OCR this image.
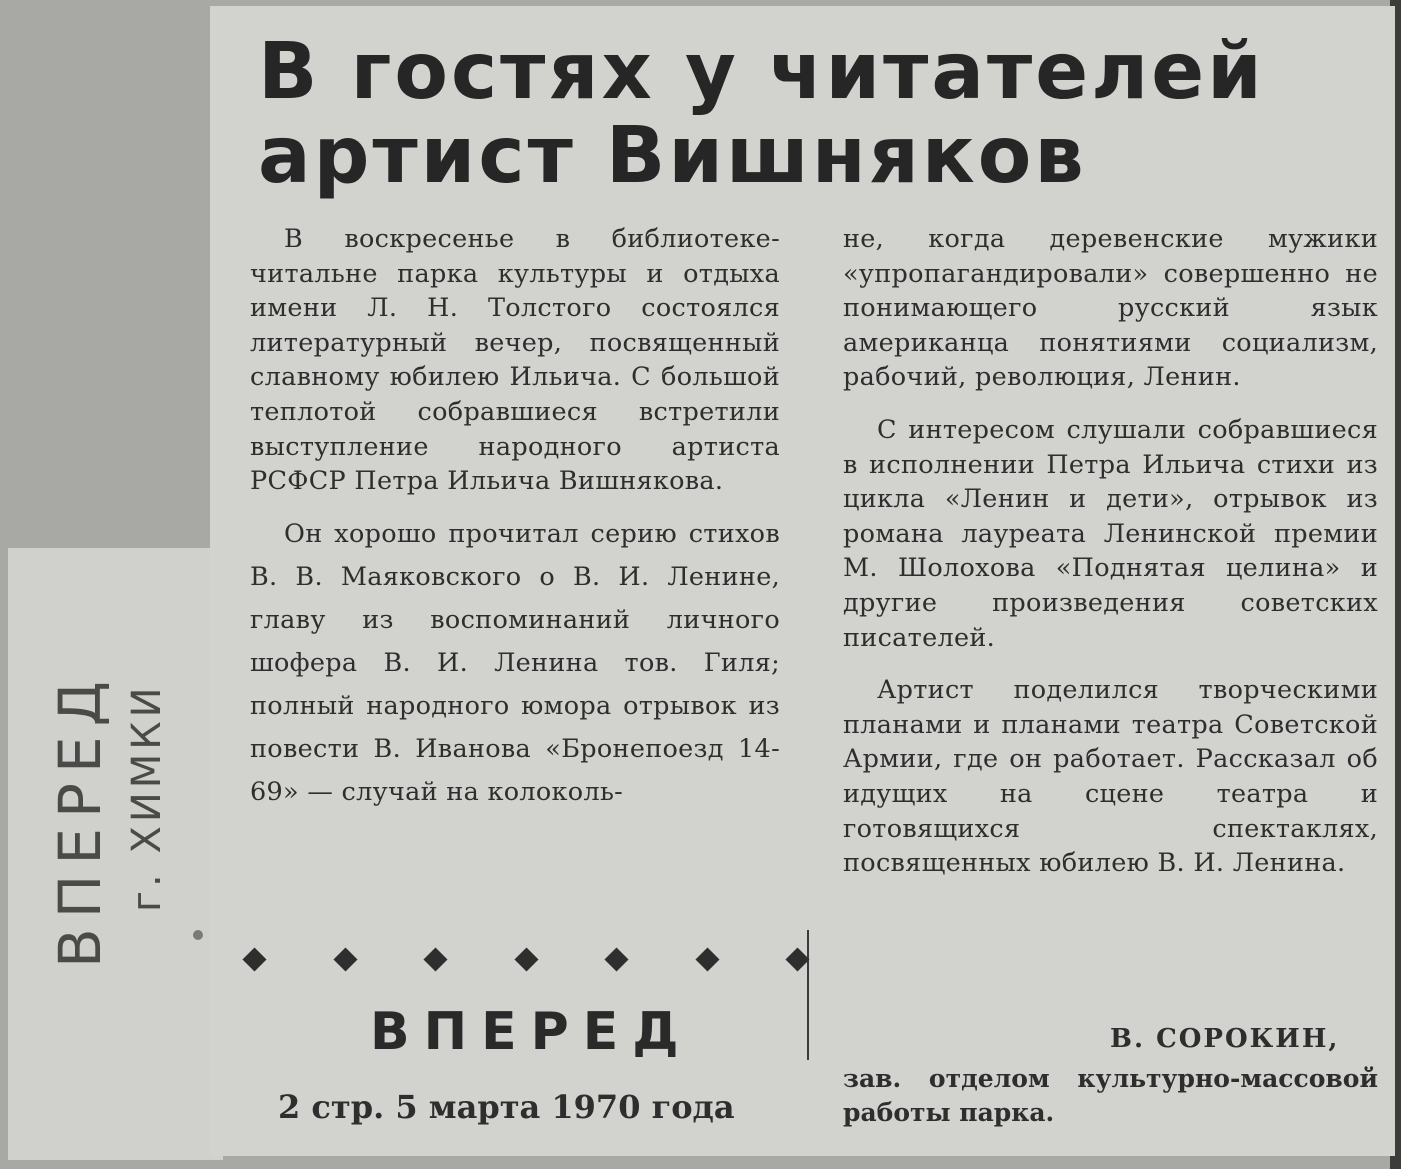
ВПЕРЕД г. ХИМКИ
В гостях у читателей артист Вишняков

В воскресенье в библиотеке-читальне парка культуры и отдыха имени Л. Н. Толстого состоялся литературный вечер, посвященный славному юбилею Ильича. С большой теплотой собравшиеся встретили выступление народного артиста РСФСР Петра Ильича Вишнякова.

Он хорошо прочитал серию стихов В. В. Маяковского о В. И. Ленине, главу из воспоминаний личного шофера В. И. Ленина тов. Гиля; полный народного юмора отрывок из повести В. Иванова «Бронепоезд 14-69» — случай на колоколь-

не, когда деревенские мужики «упропагандировали» совершенно не понимающего русский язык американца понятиями социализм, рабочий, революция, Ленин.

С интересом слушали собравшиеся в исполнении Петра Ильича стихи из цикла «Ленин и дети», отрывок из романа лауреата Ленинской премии М. Шолохова «Поднятая целина» и другие произведения советских писателей.

Артист поделился творческими планами и планами театра Советской Армии, где он работает. Рассказал об идущих на сцене театра и готовящихся спектаклях, посвященных юбилею В. И. Ленина.

ВПЕРЕД
2 стр. 5 марта 1970 года
В. СОРОКИН,
зав. отделом культурно-массовой работы парка.
